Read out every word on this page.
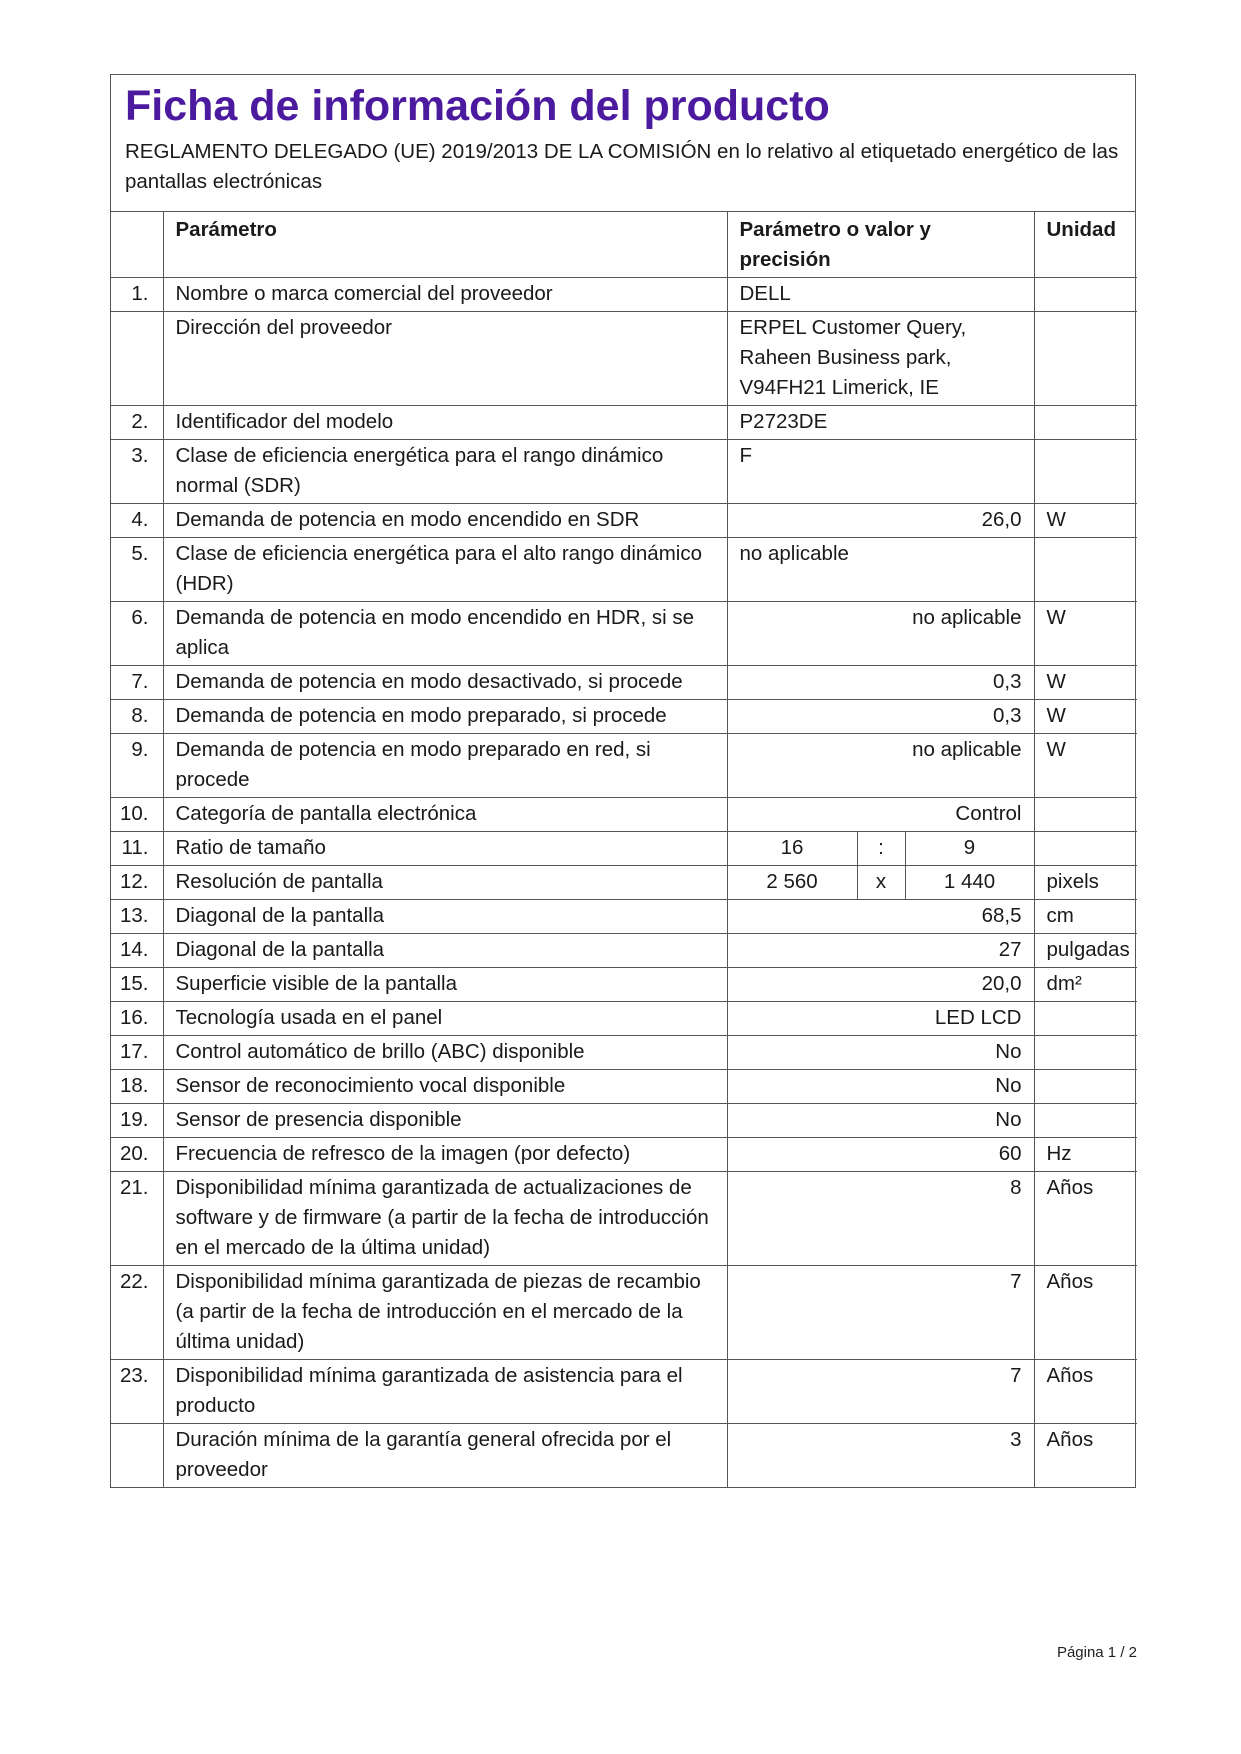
Ficha de información del producto
REGLAMENTO DELEGADO (UE) 2019/2013 DE LA COMISIÓN en lo relativo al etiquetado energético de las pantallas electrónicas
	Parámetro	Parámetro o valor y precisión			Unidad
1.	Nombre o marca comercial del proveedor	DELL			
	Dirección del proveedor	ERPEL Customer Query, Raheen Business park, V94FH21 Limerick, IE			
2.	Identificador del modelo	P2723DE			
3.	Clase de eficiencia energética para el rango dinámico normal (SDR)	F			
4.	Demanda de potencia en modo encendido en SDR	26,0			W
5.	Clase de eficiencia energética para el alto rango dinámico (HDR)	no aplicable			
6.	Demanda de potencia en modo encendido en HDR, si se aplica	no aplicable			W
7.	Demanda de potencia en modo desactivado, si procede	0,3			W
8.	Demanda de potencia en modo preparado, si procede	0,3			W
9.	Demanda de potencia en modo preparado en red, si procede	no aplicable			W
10.	Categoría de pantalla electrónica	Control			
11.	Ratio de tamaño	16	:	9	
12.	Resolución de pantalla	2 560	x	1 440	pixels
13.	Diagonal de la pantalla	68,5			cm
14.	Diagonal de la pantalla	27			pulgadas
15.	Superficie visible de la pantalla	20,0			dm²
16.	Tecnología usada en el panel	LED LCD			
17.	Control automático de brillo (ABC) disponible	No			
18.	Sensor de reconocimiento vocal disponible	No			
19.	Sensor de presencia disponible	No			
20.	Frecuencia de refresco de la imagen (por defecto)	60			Hz
21.	Disponibilidad mínima garantizada de actualizaciones de software y de firmware (a partir de la fecha de introducción en el mercado de la última unidad)	8			Años
22.	Disponibilidad mínima garantizada de piezas de recambio (a partir de la fecha de introducción en el mercado de la última unidad)	7			Años
23.	Disponibilidad mínima garantizada de asistencia para el producto	7			Años
	Duración mínima de la garantía general ofrecida por el proveedor	3			Años
Página 1 / 2
